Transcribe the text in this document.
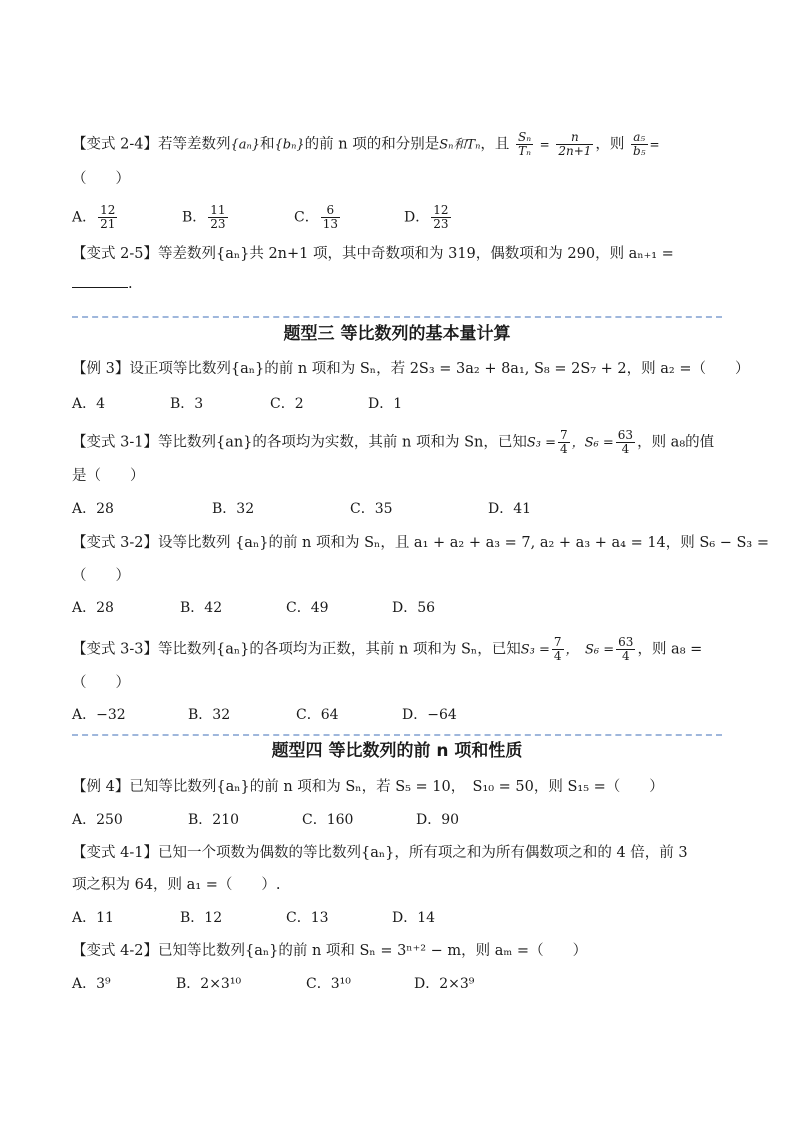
【变式 2-4】若等差数列{aₙ}和{bₙ}的前 n 项的和分别是Sₙ和Tₙ，且 $\frac{\text{Sₙ}}{\text{Tₙ}} = \frac{n}{2n+1}$ ，则 $\frac{\text{a₅}}{\text{b₅}}$ =
（　　）
A． $\frac{12}{21}$	B． $\frac{11}{23}$	C． $\frac{6}{13}$	D． $\frac{12}{23}$
【变式 2-5】等差数列{aₙ}共 2n+1 项，其中奇数项和为 319，偶数项和为 290，则 aₙ₊₁ =
.
题型三 等比数列的基本量计算
【例 3】设正项等比数列{aₙ}的前 n 项和为 Sₙ，若 2S₃ = 3a₂ + 8a₁, S₈ = 2S₇ + 2，则 a₂ =（　　）
A．4	B．3	C．2	D．1
【变式 3-1】等比数列{an}的各项均为实数，其前 n 项和为 Sn，已知$S_3 = \frac{7}{4}$ ，$S_6 = \frac{63}{4}$ ，则 a₈的值
是（　　）
A．28	B．32	C．35	D．41
【变式 3-2】设等比数列 {aₙ}的前 n 项和为 Sₙ，且 a₁ + a₂ + a₃ = 7, a₂ + a₃ + a₄ = 14，则 S₆ − S₃ =
（　　）
A．28	B．42	C．49	D．56
【变式 3-3】等比数列{aₙ}的各项均为正数，其前 n 项和为 Sₙ，已知$S_3 = \frac{7}{4}$ ，　$S_6 = \frac{63}{4}$ ，则 a₈ =
（　　）
A．−32	B．32	C．64	D．−64
题型四 等比数列的前 n 项和性质
【例 4】已知等比数列{aₙ}的前 n 项和为 Sₙ，若 S₅ = 10，　S₁₀ = 50，则 S₁₅ =（　　）
A．250	B．210	C．160	D．90
【变式 4-1】已知一个项数为偶数的等比数列{aₙ}，所有项之和为所有偶数项之和的 4 倍，前 3
项之积为 64，则 a₁ =（　　）.
A．11	B．12	C．13	D．14
【变式 4-2】已知等比数列{aₙ}的前 n 项和 Sₙ = 3ⁿ⁺² − m，则 aₘ =（　　）
A．3⁹	B．2×3¹⁰	C．3¹⁰	D．2×3⁹
